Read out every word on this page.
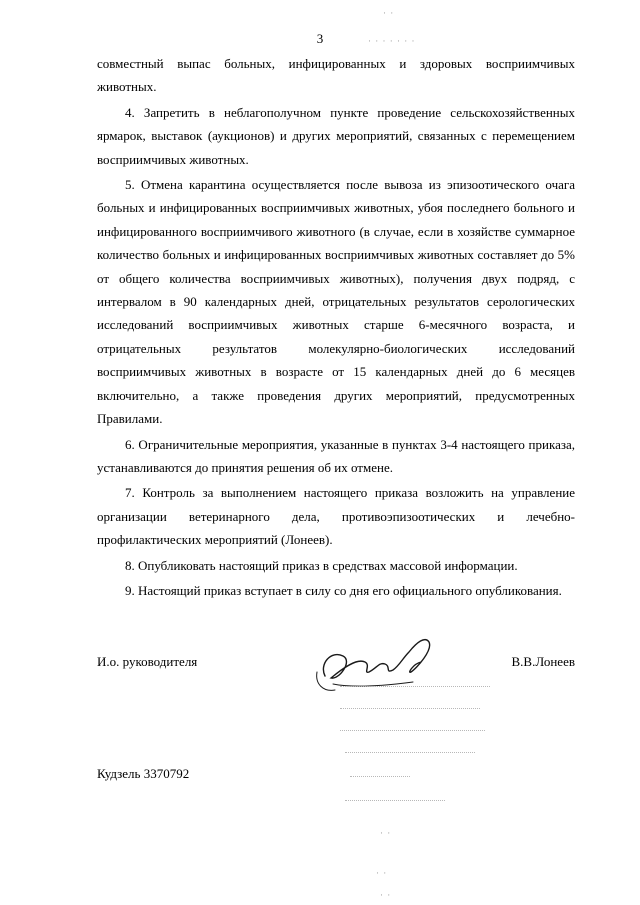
3	· · · · · · ·
· ·

совместный выпас больных, инфицированных и здоровых восприимчивых животных.

4. Запретить в неблагополучном пункте проведение сельскохозяйственных ярмарок, выставок (аукционов) и других мероприятий, связанных с перемещением восприимчивых животных.

5. Отмена карантина осуществляется после вывоза из эпизоотического очага больных и инфицированных восприимчивых животных, убоя последнего больного и инфицированного восприимчивого животного (в случае, если в хозяйстве суммарное количество больных и инфицированных восприимчивых животных составляет до 5% от общего количества восприимчивых животных), получения двух подряд, с интервалом в 90 календарных дней, отрицательных результатов серологических исследований восприимчивых животных старше 6-месячного возраста, и отрицательных результатов молекулярно-биологических исследований восприимчивых животных в возрасте от 15 календарных дней до 6 месяцев включительно, а также проведения других мероприятий, предусмотренных Правилами.

6. Ограничительные мероприятия, указанные в пунктах 3-4 настоящего приказа, устанавливаются до принятия решения об их отмене.

7. Контроль за выполнением настоящего приказа возложить на управление организации ветеринарного дела, противоэпизоотических и лечебно-профилактических мероприятий (Лонеев).

8. Опубликовать настоящий приказ в средствах массовой информации.

9. Настоящий приказ вступает в силу со дня его официального опубликования.

И.о. руководителя	В.В.Лонеев
· ·
· ·
· ·
Кудзель 3370792
